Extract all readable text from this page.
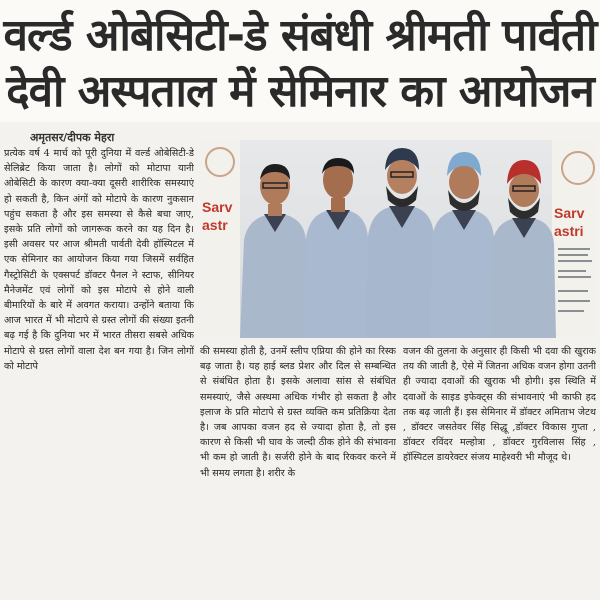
वर्ल्ड ओबेसिटी-डे संबंधी श्रीमती पार्वती
देवी अस्पताल में सेमिनार का आयोजन
अमृतसर/दीपक मेहरा
प्रत्येक वर्ष 4 मार्च को पूरी दुनिया में वर्ल्ड ओबेसिटी-डे सेलिब्रेट किया जाता है। लोगों को मोटापा यानी ओबेसिटी के कारण क्या-क्या दूसरी शारीरिक समस्याएं हो सकती है, किन अंगों को मोटापे के कारण नुकसान पहुंच सकता है और इस समस्या से कैसे बचा जाए, इसके प्रति लोगों को जागरूक करने का यह दिन है। इसी अवसर पर आज श्रीमती पार्वती देवी हॉस्पिटल में एक सेमिनार का आयोजन किया गया जिसमें सर्वहित गैस्ट्रोसिटी के एक्सपर्ट डॉक्टर पैनल ने स्टाफ, सीनियर मैनेजमेंट एवं लोगों को इस मोटापे से होने वाली बीमारियों के बारे में अवगत कराया। उन्होंने बताया कि आज भारत में भी मोटापे से ग्रस्त लोगों की संख्या इतनी बढ़ गई है कि दुनिया भर में भारत तीसरा सबसे अधिक मोटापे से ग्रस्त लोगों वाला देश बन गया है। जिन लोगों को मोटापे
Sarv
astr
Sarv
astri
की समस्या होती है, उनमें स्लीप एप्निया की होने का रिस्क बढ़ जाता है। यह हाई ब्लड प्रेशर और दिल से सम्बन्धित से संबंधित होता है। इसके अलावा सांस से संबंधित समस्याएं, जैसे अस्थमा अधिक गंभीर हो सकता है और इलाज के प्रति मोटापे से ग्रस्त व्यक्ति कम प्रतिक्रिया देता है। जब आपका वजन हद से ज्यादा होता है, तो इस कारण से किसी भी घाव के जल्दी ठीक होने की संभावना भी कम हो जाती है। सर्जरी होने के बाद रिकवर करने में भी समय लगता है। शरीर के
वजन की तुलना के अनुसार ही किसी भी दवा की खुराक तय की जाती है, ऐसे में जितना अधिक वजन होगा उतनी ही ज्यादा दवाओं की खुराक भी होगी। इस स्थिति में दवाओं के साइड इफेक्ट्स की संभावनाएं भी काफी हद तक बढ़ जाती हैं। इस सेमिनार में डॉक्टर अमिताभ जेटथ , डॉक्टर जसतेवर सिंह सिद्धू ,डॉक्टर विकास गुप्ता , डॉक्टर रविंदर मल्होत्रा , डॉक्टर गुरविलास सिंह , हॉस्पिटल डायरेक्टर संजय माहेश्वरी भी मौजूद थे।
